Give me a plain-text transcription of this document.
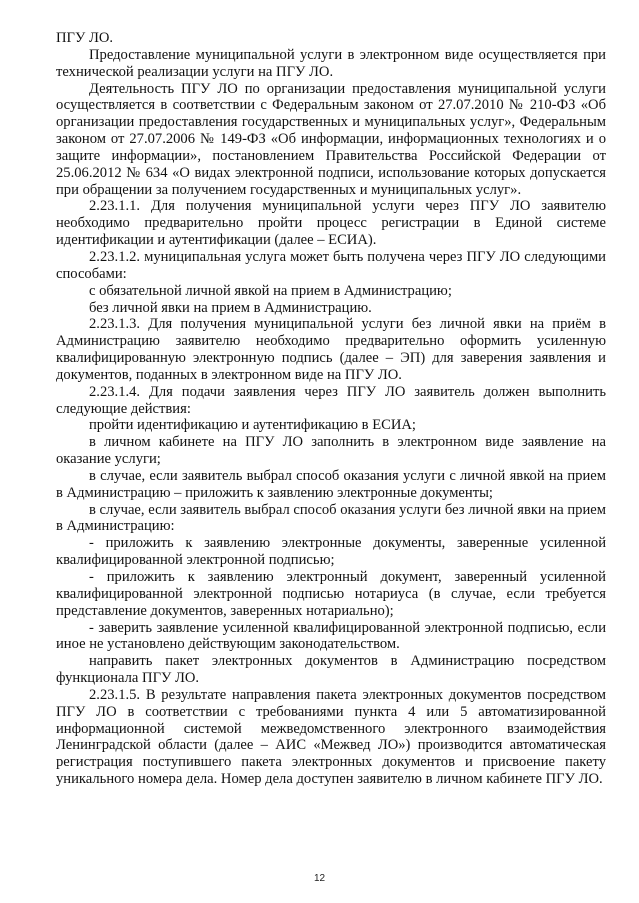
ПГУ ЛО.

Предоставление муниципальной услуги в электронном виде осуществляется при технической реализации услуги на ПГУ ЛО.

Деятельность ПГУ ЛО по организации предоставления муниципальной услуги осуществляется в соответствии с Федеральным законом от 27.07.2010 № 210-ФЗ «Об организации предоставления государственных и муниципальных услуг», Федеральным законом от 27.07.2006 № 149-ФЗ «Об информации, информационных технологиях и о защите информации», постановлением Правительства Российской Федерации от 25.06.2012 № 634 «О видах электронной подписи, использование которых допускается при обращении за получением государственных и муниципальных услуг».

2.23.1.1. Для получения муниципальной услуги через ПГУ ЛО заявителю необходимо предварительно пройти процесс регистрации в Единой системе идентификации и аутентификации (далее – ЕСИА).

2.23.1.2. муниципальная услуга может быть получена через ПГУ ЛО следующими способами:

с обязательной личной явкой на прием в Администрацию;

без личной явки на прием в Администрацию.

2.23.1.3. Для получения муниципальной услуги без личной явки на приём в Администрацию заявителю необходимо предварительно оформить усиленную квалифицированную электронную подпись (далее – ЭП) для заверения заявления и документов, поданных в электронном виде на ПГУ ЛО.

2.23.1.4. Для подачи заявления через ПГУ ЛО заявитель должен выполнить следующие действия:

пройти идентификацию и аутентификацию в ЕСИА;

в личном кабинете на ПГУ ЛО заполнить в электронном виде заявление на оказание услуги;

в случае, если заявитель выбрал способ оказания услуги с личной явкой на прием в Администрацию – приложить к заявлению электронные документы;

в случае, если заявитель выбрал способ оказания услуги без личной явки на прием в Администрацию:

- приложить к заявлению электронные документы, заверенные усиленной квалифицированной электронной подписью;

- приложить к заявлению электронный документ, заверенный усиленной квалифицированной электронной подписью нотариуса (в случае, если требуется представление документов, заверенных нотариально);

- заверить заявление усиленной квалифицированной электронной подписью, если иное не установлено действующим законодательством.

направить пакет электронных документов в Администрацию посредством функционала ПГУ ЛО.

2.23.1.5. В результате направления пакета электронных документов посредством ПГУ ЛО в соответствии с требованиями пункта 4 или 5 автоматизированной информационной системой межведомственного электронного взаимодействия Ленинградской области (далее – АИС «Межвед ЛО») производится автоматическая регистрация поступившего пакета электронных документов и присвоение пакету уникального номера дела. Номер дела доступен заявителю в личном кабинете ПГУ ЛО.

12
